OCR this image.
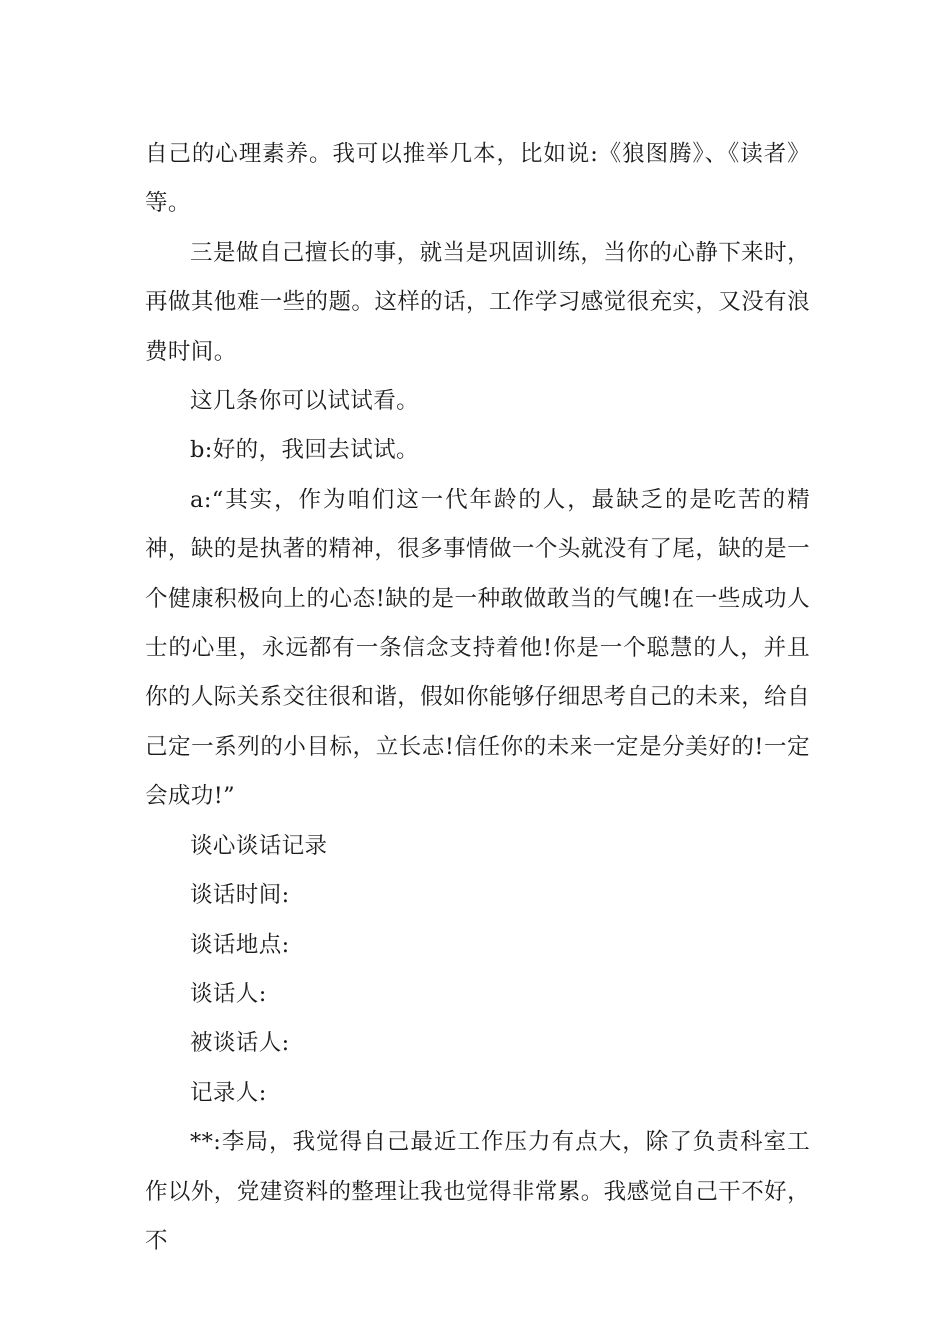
自己的心理素养。我可以推举几本，比如说:《狼图腾》、《读者》等。

三是做自己擅长的事，就当是巩固训练，当你的心静下来时，再做其他难一些的题。这样的话，工作学习感觉很充实，又没有浪费时间。

这几条你可以试试看。

b:好的，我回去试试。

a:“其实，作为咱们这一代年龄的人，最缺乏的是吃苦的精神，缺的是执著的精神，很多事情做一个头就没有了尾，缺的是一个健康积极向上的心态!缺的是一种敢做敢当的气魄!在一些成功人士的心里，永远都有一条信念支持着他!你是一个聪慧的人，并且你的人际关系交往很和谐，假如你能够仔细思考自己的未来，给自己定一系列的小目标，立长志!信任你的未来一定是分美好的!一定会成功!”

谈心谈话记录

谈话时间:

谈话地点:

谈话人:

被谈话人:

记录人:

**:李局，我觉得自己最近工作压力有点大，除了负责科室工作以外，党建资料的整理让我也觉得非常累。我感觉自己干不好，不
